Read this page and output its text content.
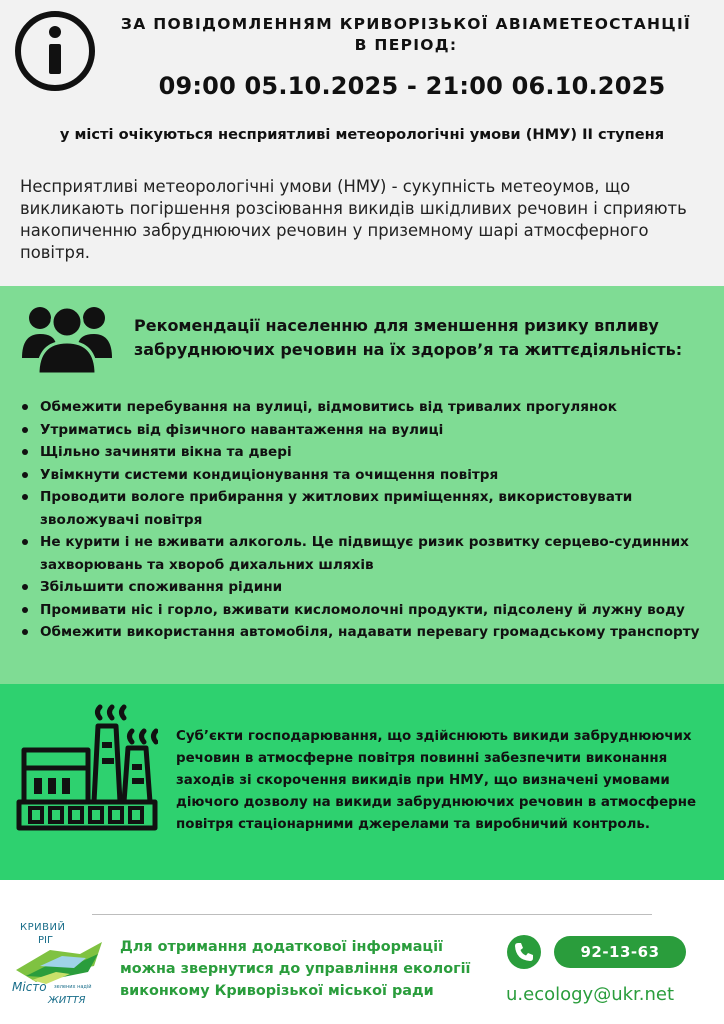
ЗА ПОВІДОМЛЕННЯМ КРИВОРІЗЬКОЇ АВІАМЕТЕОСТАНЦІЇ В ПЕРІОД:
09:00 05.10.2025 - 21:00 06.10.2025
у місті очікуються несприятливі метеорологічні умови (НМУ) ІІ ступеня
Несприятливі метеорологічні умови (НМУ) - сукупність метеоумов, що викликають погіршення розсіювання викидів шкідливих речовин і сприяють накопиченню забруднюючих речовин у приземному шарі атмосферного повітря.
Рекомендації населенню для зменшення ризику впливу забруднюючих речовин на їх здоров’я та життєдіяльність:
Обмежити перебування на вулиці, відмовитись від тривалих прогулянок
Утриматись від фізичного навантаження на вулиці
Щільно зачиняти вікна та двері
Увімкнути системи кондиціонування та очищення повітря
Проводити вологе прибирання у житлових приміщеннях, використовувати зволожувачі повітря
Не курити і не вживати алкоголь. Це підвищує ризик розвитку серцево-судинних захворювань та хвороб дихальних шляхів
Збільшити споживання рідини
Промивати ніс і горло, вживати кисломолочні продукти, підсолену й лужну воду
Обмежити використання автомобіля, надавати перевагу громадському транспорту
Суб’єкти господарювання, що здійснюють викиди забруднюючих речовин в атмосферне повітря повинні забезпечити виконання заходів зі скорочення викидів при НМУ, що визначені умовами діючого дозволу на викиди забруднюючих речовин в атмосферне повітря стаціонарними джерелами та виробничий контроль.
КРИВИЙ
РІГ
Місто
ЖИТТЯ
зелених надій
Для отримання додаткової інформації можна звернутися до управління екології виконкому Криворізької міської ради
92-13-63
u.ecology@ukr.net
